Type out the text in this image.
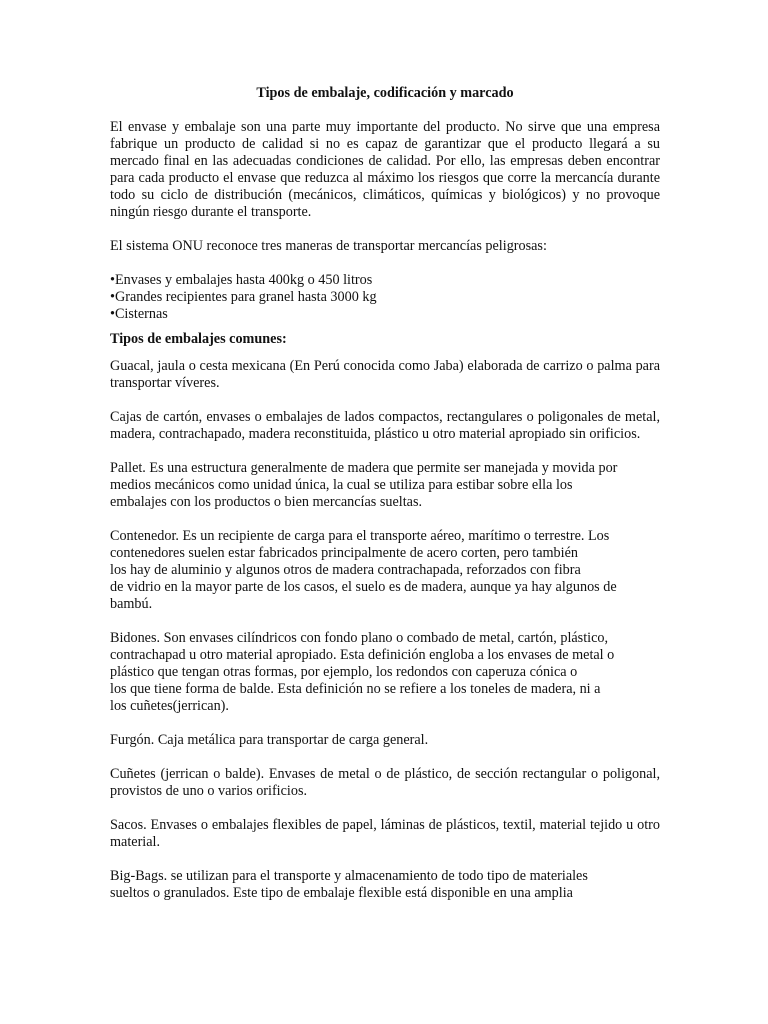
Tipos de embalaje, codificación y marcado

El envase y embalaje son una parte muy importante del producto. No sirve que una empresa fabrique un producto de calidad si no es capaz de garantizar que el producto llegará a su mercado final en las adecuadas condiciones de calidad. Por ello, las empresas deben encontrar para cada producto el envase que reduzca al máximo los riesgos que corre la mercancía durante todo su ciclo de distribución (mecánicos, climáticos, químicas y biológicos) y no provoque ningún riesgo durante el transporte.

El sistema ONU reconoce tres maneras de transportar mercancías peligrosas:

•Envases y embalajes hasta 400kg o 450 litros
•Grandes recipientes para granel hasta 3000 kg
•Cisternas
Tipos de embalajes comunes:

Guacal, jaula o cesta mexicana (En Perú conocida como Jaba) elaborada de carrizo o palma para transportar víveres.

Cajas de cartón, envases o embalajes de lados compactos, rectangulares o poligonales de metal, madera, contrachapado, madera reconstituida, plástico u otro material apropiado sin orificios.

Pallet. Es una estructura generalmente de madera que permite ser manejada y movida por
medios mecánicos como unidad única, la cual se utiliza para estibar sobre ella los
embalajes con los productos o bien mercancías sueltas.

Contenedor. Es un recipiente de carga para el transporte aéreo, marítimo o terrestre. Los
contenedores suelen estar fabricados principalmente de acero corten, pero también
los hay de aluminio y algunos otros de madera contrachapada, reforzados con fibra
de vidrio en la mayor parte de los casos, el suelo es de madera, aunque ya hay algunos de
bambú.

Bidones. Son envases cilíndricos con fondo plano o combado de metal, cartón, plástico,
contrachapad u otro material apropiado. Esta definición engloba a los envases de metal o
plástico que tengan otras formas, por ejemplo, los redondos con caperuza cónica o
los que tiene forma de balde. Esta definición no se refiere a los toneles de madera, ni a
los cuñetes(jerrican).

Furgón. Caja metálica para transportar de carga general.

Cuñetes (jerrican o balde). Envases de metal o de plástico, de sección rectangular o poligonal, provistos de uno o varios orificios.

Sacos. Envases o embalajes flexibles de papel, láminas de plásticos, textil, material tejido u otro material.

Big-Bags. se utilizan para el transporte y almacenamiento de todo tipo de materiales
sueltos o granulados. Este tipo de embalaje flexible está disponible en una amplia
